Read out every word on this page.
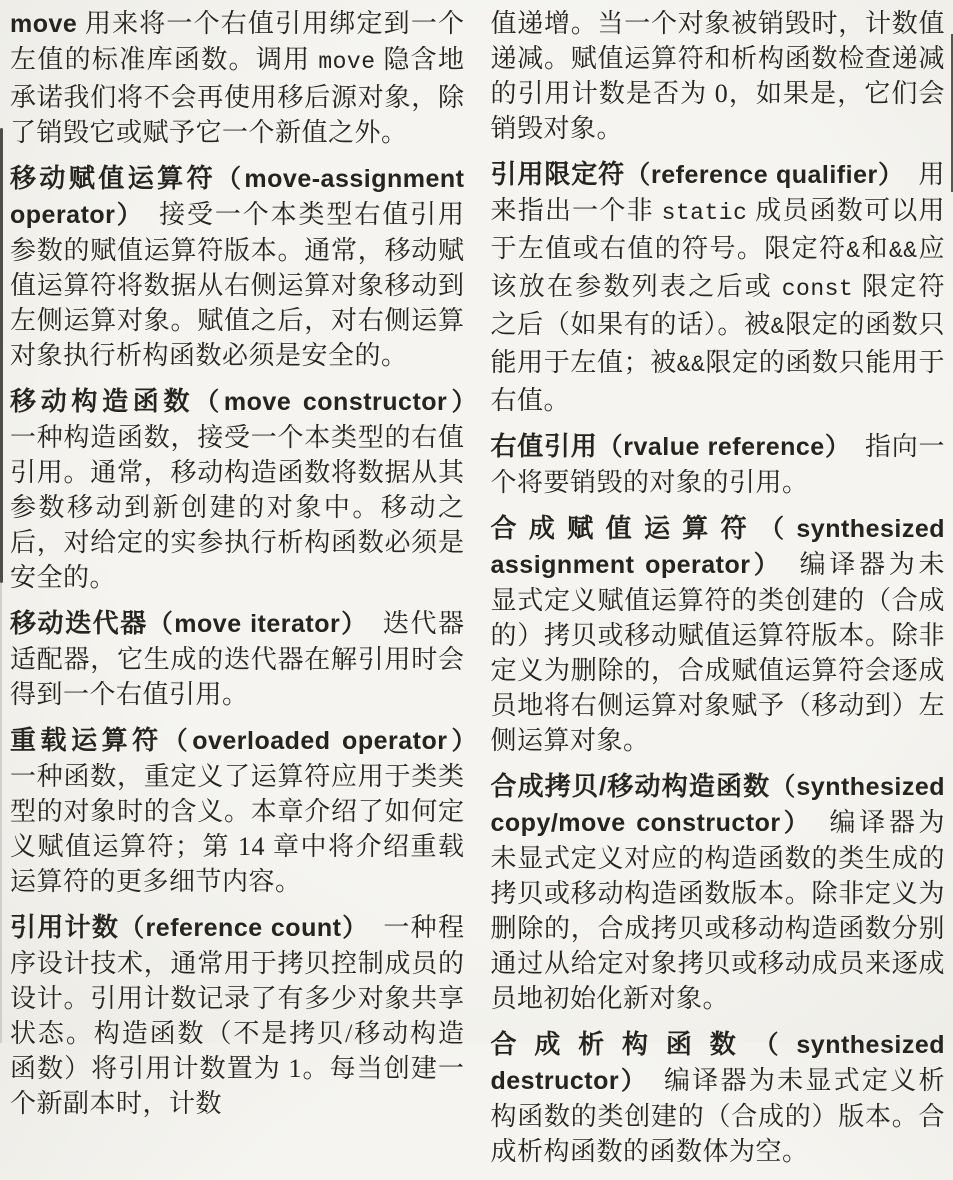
move 用来将一个右值引用绑定到一个左值的标准库函数。调用 move 隐含地承诺我们将不会再使用移后源对象，除了销毁它或赋予它一个新值之外。

移动赋值运算符（move-assignment operator）　接受一个本类型右值引用参数的赋值运算符版本。通常，移动赋值运算符将数据从右侧运算对象移动到左侧运算对象。赋值之后，对右侧运算对象执行析构函数必须是安全的。

移动构造函数（move constructor）　一种构造函数，接受一个本类型的右值引用。通常，移动构造函数将数据从其参数移动到新创建的对象中。移动之后，对给定的实参执行析构函数必须是安全的。

移动迭代器（move iterator）　迭代器适配器，它生成的迭代器在解引用时会得到一个右值引用。

重载运算符（overloaded operator）　一种函数，重定义了运算符应用于类类型的对象时的含义。本章介绍了如何定义赋值运算符；第 14 章中将介绍重载运算符的更多细节内容。

引用计数（reference count）　一种程序设计技术，通常用于拷贝控制成员的设计。引用计数记录了有多少对象共享状态。构造函数（不是拷贝/移动构造函数）将引用计数置为 1。每当创建一个新副本时，计数

值递增。当一个对象被销毁时，计数值递减。赋值运算符和析构函数检查递减的引用计数是否为 0，如果是，它们会销毁对象。

引用限定符（reference qualifier）　用来指出一个非 static 成员函数可以用于左值或右值的符号。限定符&和&&应该放在参数列表之后或 const 限定符之后（如果有的话）。被&限定的函数只能用于左值；被&&限定的函数只能用于右值。

右值引用（rvalue reference）　指向一个将要销毁的对象的引用。

合成赋值运算符（synthesized assignment operator）　编译器为未显式定义赋值运算符的类创建的（合成的）拷贝或移动赋值运算符版本。除非定义为删除的，合成赋值运算符会逐成员地将右侧运算对象赋予（移动到）左侧运算对象。

合成拷贝/移动构造函数（synthesized copy/move constructor）　编译器为未显式定义对应的构造函数的类生成的拷贝或移动构造函数版本。除非定义为删除的，合成拷贝或移动构造函数分别通过从给定对象拷贝或移动成员来逐成员地初始化新对象。

合成析构函数（synthesized destructor）　编译器为未显式定义析构函数的类创建的（合成的）版本。合成析构函数的函数体为空。
